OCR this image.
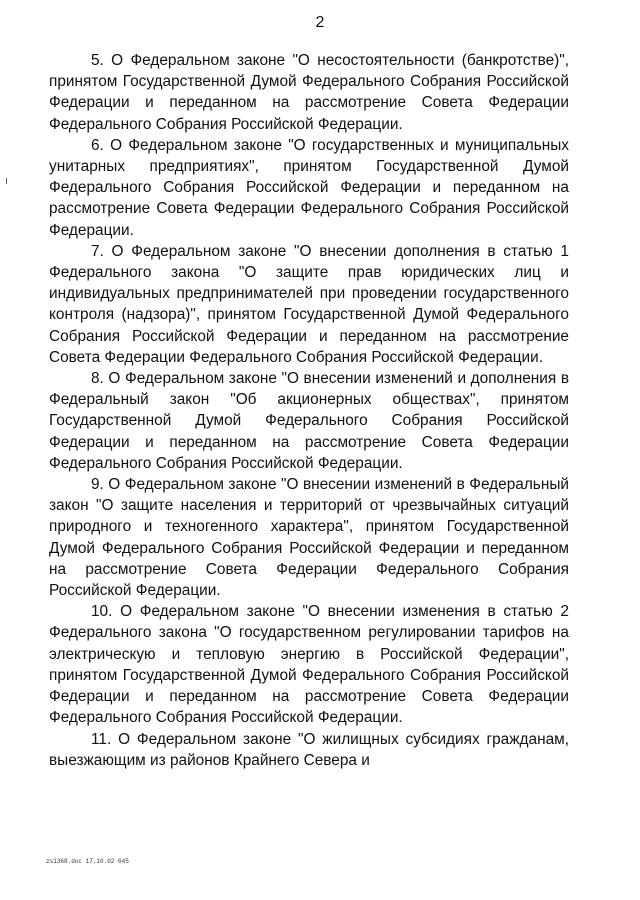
2

5. О Федеральном законе "О несостоятельности (банкротстве)", принятом Государственной Думой Федерального Собрания Российской Федерации и переданном на рассмотрение Совета Федерации Федерального Собрания Российской Федерации.

6. О Федеральном законе "О государственных и муниципальных унитарных предприятиях", принятом Государственной Думой Федерального Собрания Российской Федерации и переданном на рассмотрение Совета Федерации Федерального Собрания Российской Федерации.

7. О Федеральном законе "О внесении дополнения в статью 1 Федерального закона "О защите прав юридических лиц и индивидуальных предпринимателей при проведении государственного контроля (надзора)", принятом Государственной Думой Федерального Собрания Российской Федерации и переданном на рассмотрение Совета Федерации Федерального Собрания Российской Федерации.

8. О Федеральном законе "О внесении изменений и дополнения в Федеральный закон "Об акционерных обществах", принятом Государственной Думой Федерального Собрания Российской Федерации и переданном на рассмотрение Совета Федерации Федерального Собрания Российской Федерации.

9. О Федеральном законе "О внесении изменений в Федеральный закон "О защите населения и территорий от чрезвычайных ситуаций природного и техногенного характера", принятом Государственной Думой Федерального Собрания Российской Федерации и переданном на рассмотрение Совета Федерации Федерального Собрания Российской Федерации.

10. О Федеральном законе "О внесении изменения в статью 2 Федерального закона "О государственном регулировании тарифов на электрическую и тепловую энергию в Российской Федерации", принятом Государственной Думой Федерального Собрания Российской Федерации и переданном на рассмотрение Совета Федерации Федерального Собрания Российской Федерации.

11. О Федеральном законе "О жилищных субсидиях гражданам, выезжающим из районов Крайнего Севера и

zs1368.doc 17.10.02 645
